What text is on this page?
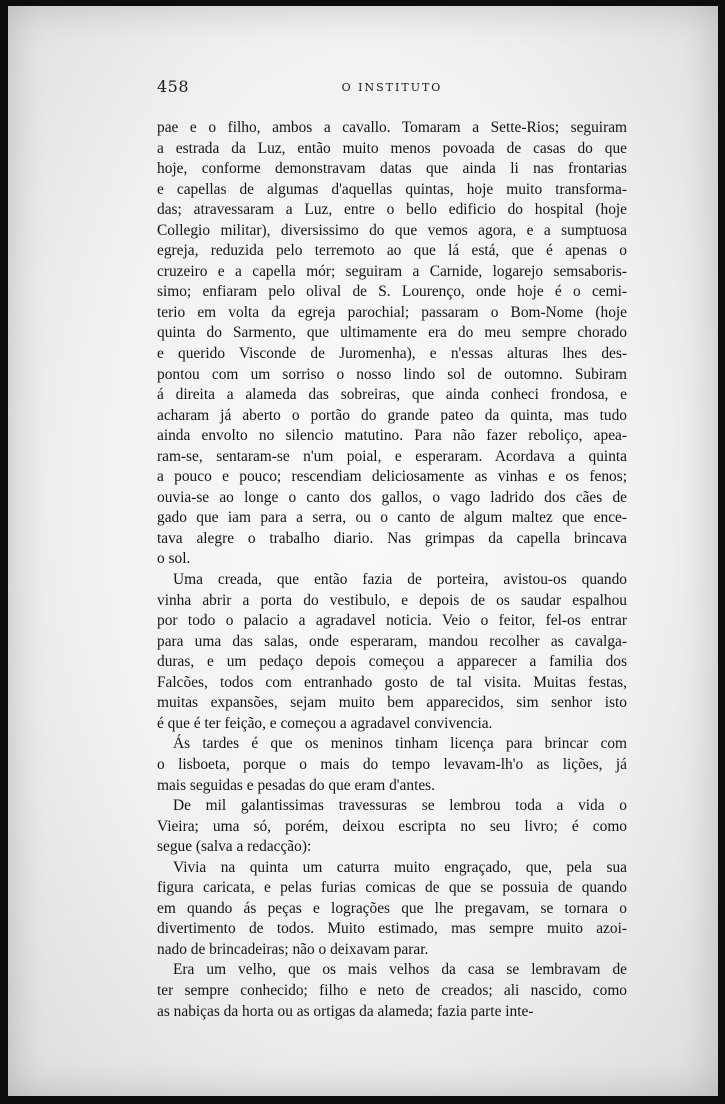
458	O INSTITUTO

pae e o filho, ambos a cavallo. Tomaram a Sette-Rios; seguiram
a estrada da Luz, então muito menos povoada de casas do que
hoje, conforme demonstravam datas que ainda li nas frontarias
e capellas de algumas d'aquellas quintas, hoje muito transforma-
das; atravessaram a Luz, entre o bello edificio do hospital (hoje
Collegio militar), diversissimo do que vemos agora, e a sumptuosa
egreja, reduzida pelo terremoto ao que lá está, que é apenas o
cruzeiro e a capella mór; seguiram a Carnide, logarejo semsaboris-
simo; enfiaram pelo olival de S. Lourenço, onde hoje é o cemi-
terio em volta da egreja parochial; passaram o Bom-Nome (hoje
quinta do Sarmento, que ultimamente era do meu sempre chorado
e querido Visconde de Juromenha), e n'essas alturas lhes des-
pontou com um sorriso o nosso lindo sol de outomno. Subiram
á direita a alameda das sobreiras, que ainda conheci frondosa, e
acharam já aberto o portão do grande pateo da quinta, mas tudo
ainda envolto no silencio matutino. Para não fazer reboliço, apea-
ram-se, sentaram-se n'um poial, e esperaram. Acordava a quinta
a pouco e pouco; rescendiam deliciosamente as vinhas e os fenos;
ouvia-se ao longe o canto dos gallos, o vago ladrido dos cães de
gado que iam para a serra, ou o canto de algum maltez que ence-
tava alegre o trabalho diario. Nas grimpas da capella brincava
o sol.

Uma creada, que então fazia de porteira, avistou-os quando
vinha abrir a porta do vestibulo, e depois de os saudar espalhou
por todo o palacio a agradavel noticia. Veio o feitor, fel-os entrar
para uma das salas, onde esperaram, mandou recolher as cavalga-
duras, e um pedaço depois começou a apparecer a familia dos
Falcões, todos com entranhado gosto de tal visita. Muitas festas,
muitas expansões, sejam muito bem apparecidos, sim senhor isto
é que é ter feição, e começou a agradavel convivencia.

Ás tardes é que os meninos tinham licença para brincar com
o lisboeta, porque o mais do tempo levavam-lh'o as lições, já
mais seguidas e pesadas do que eram d'antes.

De mil galantissimas travessuras se lembrou toda a vida o
Vieira; uma só, porém, deixou escripta no seu livro; é como
segue (salva a redacção):

Vivia na quinta um caturra muito engraçado, que, pela sua
figura caricata, e pelas furias comicas de que se possuia de quando
em quando ás peças e lograções que lhe pregavam, se tornara o
divertimento de todos. Muito estimado, mas sempre muito azoi-
nado de brincadeiras; não o deixavam parar.

Era um velho, que os mais velhos da casa se lembravam de
ter sempre conhecido; filho e neto de creados; ali nascido, como
as nabiças da horta ou as ortigas da alameda; fazia parte inte-
